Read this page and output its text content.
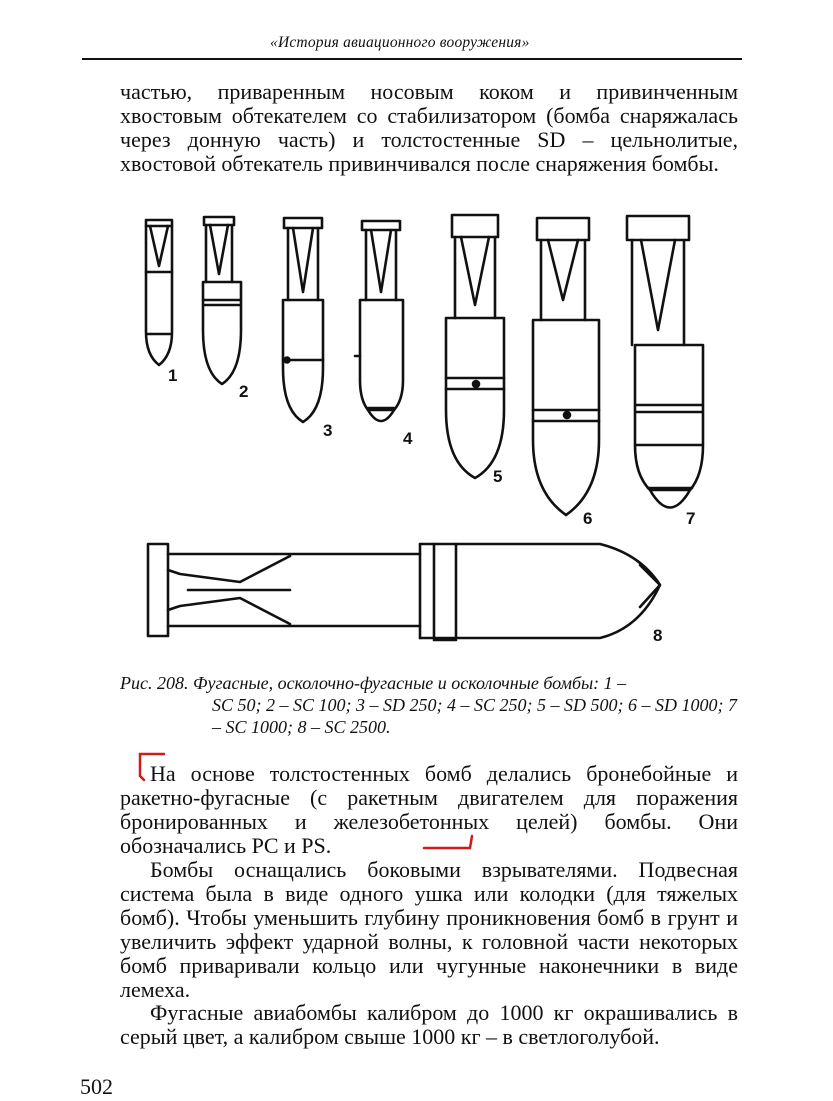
«История авиационного вооружения»

частью, приваренным носовым коком и привинченным хвостовым обтекателем со стабилизатором (бомба снаряжалась через донную часть) и толстостенные SD – цельнолитые, хвостовой обтекатель привинчивался после снаряжения бомбы.

1
2
3	4
5
6	7
8
Рис. 208. Фугасные, осколочно-фугасные и осколочные бомбы: 1 –
SC 50; 2 – SC 100; 3 – SD 250; 4 – SC 250; 5 – SD 500; 6 – SD 1000; 7 – SC 1000; 8 – SC 2500.

На основе толстостенных бомб делались бронебойные и ракетно-фугасные (с ракетным двигателем для поражения бронированных и железобетонных целей) бомбы. Они обозначались PC и PS.

Бомбы оснащались боковыми взрывателями. Подвесная система была в виде одного ушка или колодки (для тяжелых бомб). Чтобы уменьшить глубину проникновения бомб в грунт и увеличить эффект ударной волны, к головной части некоторых бомб приваривали кольцо или чугунные наконечники в виде лемеха.

Фугасные авиабомбы калибром до 1000 кг окрашивались в серый цвет, а калибром свыше 1000 кг – в светлоголубой.

502
